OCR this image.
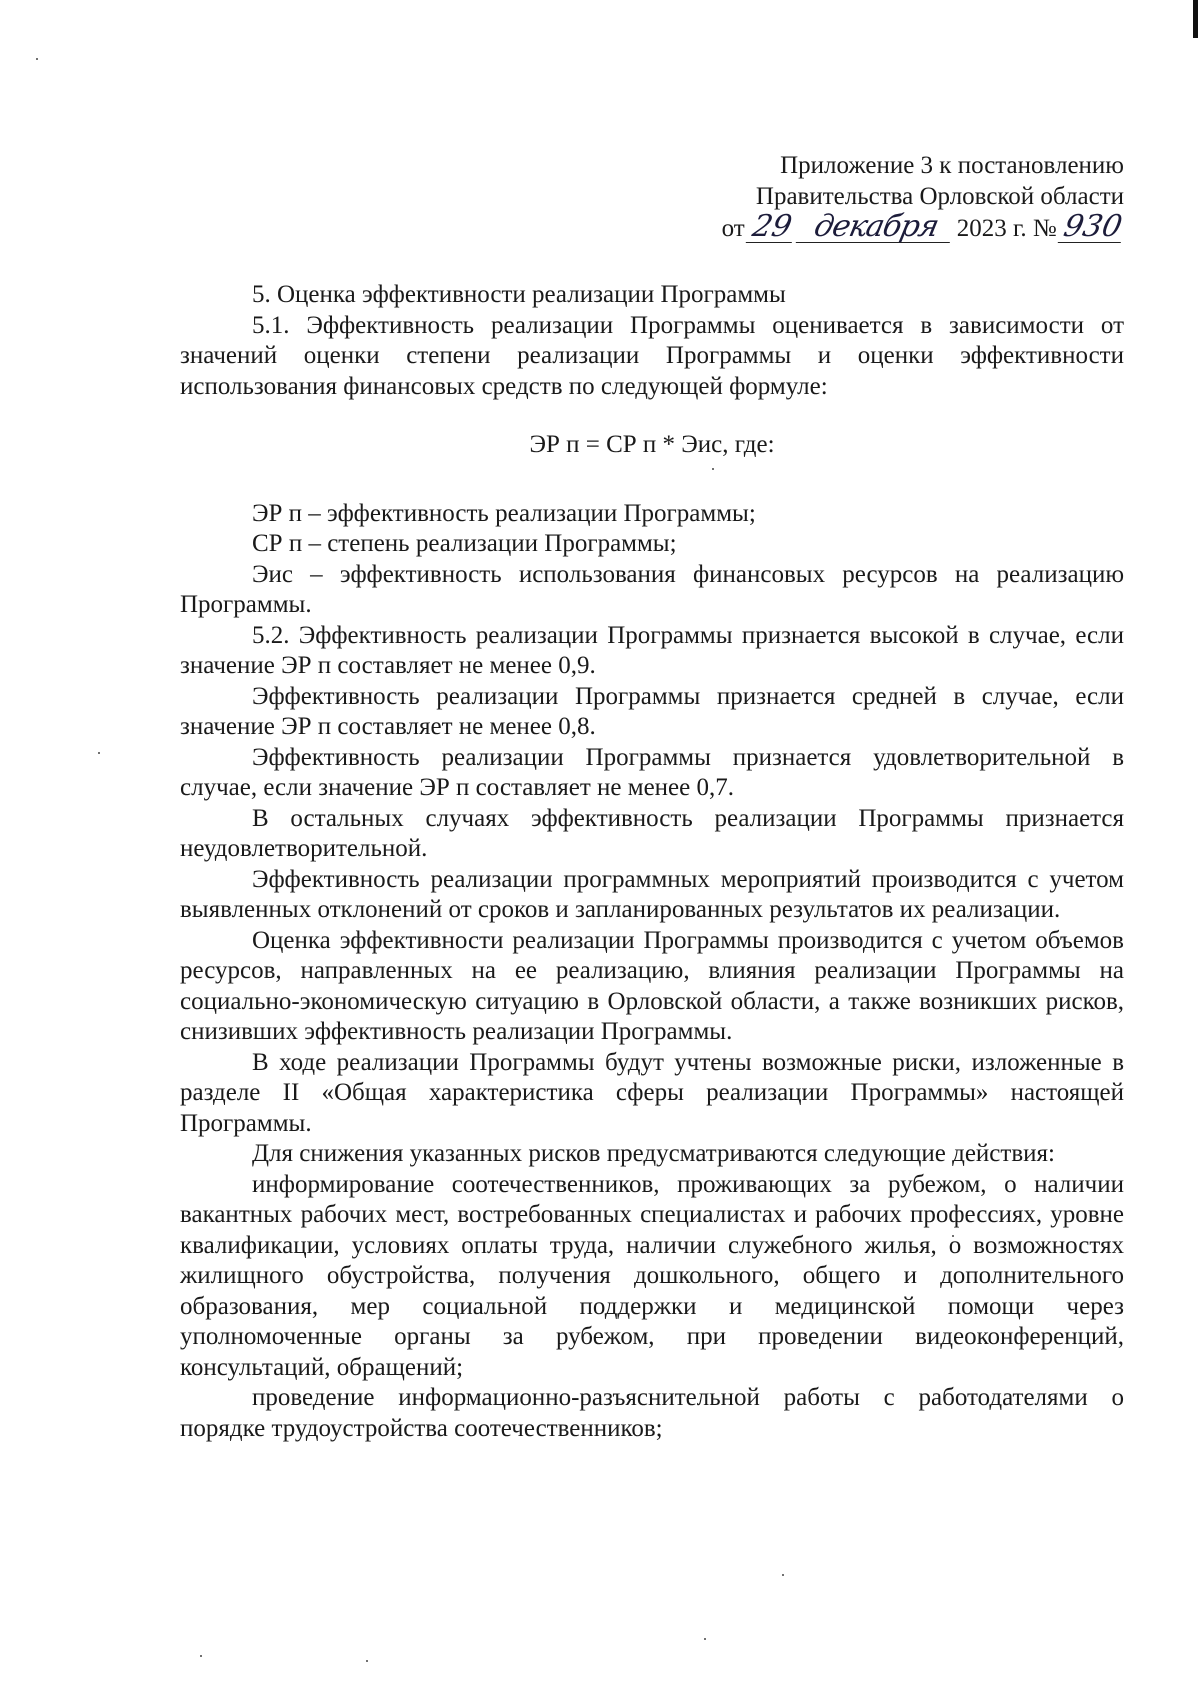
Приложение 3 к постановлению
Правительства Орловской области
от 29 декабря 2023 г. № 930

5. Оценка эффективности реализации Программы

5.1. Эффективность реализации Программы оценивается в зависимости от значений оценки степени реализации Программы и оценки эффективности использования финансовых средств по следующей формуле:

ЭР п = СР п * Эис, где:

ЭР п – эффективность реализации Программы;

СР п – степень реализации Программы;

Эис – эффективность использования финансовых ресурсов на реализацию Программы.

5.2. Эффективность реализации Программы признается высокой в случае, если значение ЭР п составляет не менее 0,9.

Эффективность реализации Программы признается средней в случае, если значение ЭР п составляет не менее 0,8.

Эффективность реализации Программы признается удовлетворительной в случае, если значение ЭР п составляет не менее 0,7.

В остальных случаях эффективность реализации Программы признается неудовлетворительной.

Эффективность реализации программных мероприятий производится с учетом выявленных отклонений от сроков и запланированных результатов их реализации.

Оценка эффективности реализации Программы производится с учетом объемов ресурсов, направленных на ее реализацию, влияния реализации Программы на социально-экономическую ситуацию в Орловской области, а также возникших рисков, снизивших эффективность реализации Программы.

В ходе реализации Программы будут учтены возможные риски, изложенные в разделе II «Общая характеристика сферы реализации Программы» настоящей Программы.

Для снижения указанных рисков предусматриваются следующие действия:

информирование соотечественников, проживающих за рубежом, о наличии вакантных рабочих мест, востребованных специалистах и рабочих профессиях, уровне квалификации, условиях оплаты труда, наличии служебного жилья, о возможностях жилищного обустройства, получения дошкольного, общего и дополнительного образования, мер социальной поддержки и медицинской помощи через уполномоченные органы за рубежом, при проведении видеоконференций, консультаций, обращений;

проведение информационно-разъяснительной работы с работодателями о порядке трудоустройства соотечественников;
